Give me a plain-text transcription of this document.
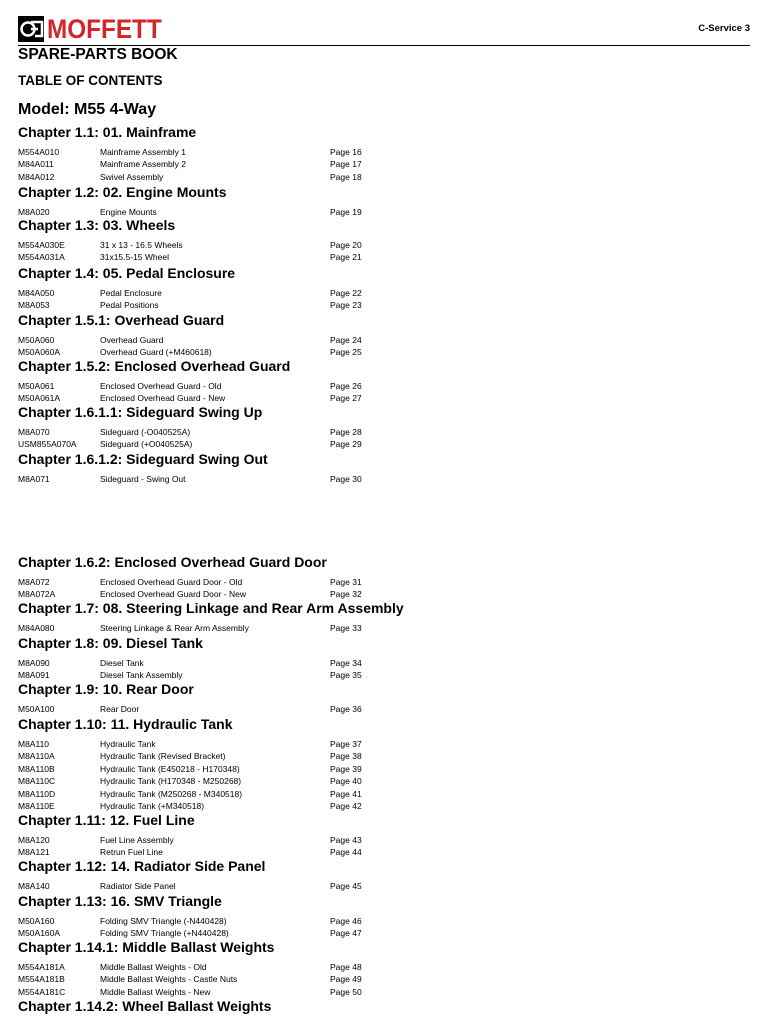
MOFFETT	C-Service 3
SPARE-PARTS BOOK
TABLE OF CONTENTS
Model: M55 4-Way
Chapter 1.1: 01. Mainframe
M554A010	Mainframe Assembly 1	Page 16
M84A011	Mainframe Assembly 2	Page 17
M84A012	Swivel Assembly	Page 18
Chapter 1.2: 02. Engine Mounts
M8A020	Engine Mounts	Page 19
Chapter 1.3: 03. Wheels
M554A030E	31 x 13 - 16.5 Wheels	Page 20
M554A031A	31x15.5-15 Wheel	Page 21
Chapter 1.4: 05. Pedal Enclosure
M84A050	Pedal Enclosure	Page 22
M8A053	Pedal Positions	Page 23
Chapter 1.5.1: Overhead Guard
M50A060	Overhead Guard	Page 24
M50A060A	Overhead Guard (+M460618)	Page 25
Chapter 1.5.2: Enclosed Overhead Guard
M50A061	Enclosed Overhead Guard - Old	Page 26
M50A061A	Enclosed Overhead Guard - New	Page 27
Chapter 1.6.1.1: Sideguard Swing Up
M8A070	Sideguard (-O040525A)	Page 28
USM855A070A	Sideguard (+O040525A)	Page 29
Chapter 1.6.1.2: Sideguard Swing Out
M8A071	Sideguard - Swing Out	Page 30
Chapter 1.6.2: Enclosed Overhead Guard Door
M8A072	Enclosed Overhead Guard Door - Old	Page 31
M8A072A	Enclosed Overhead Guard Door - New	Page 32
Chapter 1.7: 08. Steering Linkage and Rear Arm Assembly
M84A080	Steering Linkage & Rear Arm Assembly	Page 33
Chapter 1.8: 09. Diesel Tank
M8A090	Diesel Tank	Page 34
M8A091	Diesel Tank Assembly	Page 35
Chapter 1.9: 10. Rear Door
M50A100	Rear Door	Page 36
Chapter 1.10: 11. Hydraulic Tank
M8A110	Hydraulic Tank	Page 37
M8A110A	Hydraulic Tank (Revised Bracket)	Page 38
M8A110B	Hydraulic Tank (E450218 - H170348)	Page 39
M8A110C	Hydraulic Tank (H170348 - M250268)	Page 40
M8A110D	Hydraulic Tank (M250268 - M340518)	Page 41
M8A110E	Hydraulic Tank (+M340518)	Page 42
Chapter 1.11: 12. Fuel Line
M8A120	Fuel Line Assembly	Page 43
M8A121	Retrun Fuel Line	Page 44
Chapter 1.12: 14. Radiator Side Panel
M8A140	Radiator Side Panel	Page 45
Chapter 1.13: 16. SMV Triangle
M50A160	Folding SMV Triangle (-N440428)	Page 46
M50A160A	Folding SMV Triangle (+N440428)	Page 47
Chapter 1.14.1: Middle Ballast Weights
M554A181A	Middle Ballast Weights - Old	Page 48
M554A181B	Middle Ballast Weights - Castle Nuts	Page 49
M554A181C	Middle Ballast Weights - New	Page 50
Chapter 1.14.2: Wheel Ballast Weights
